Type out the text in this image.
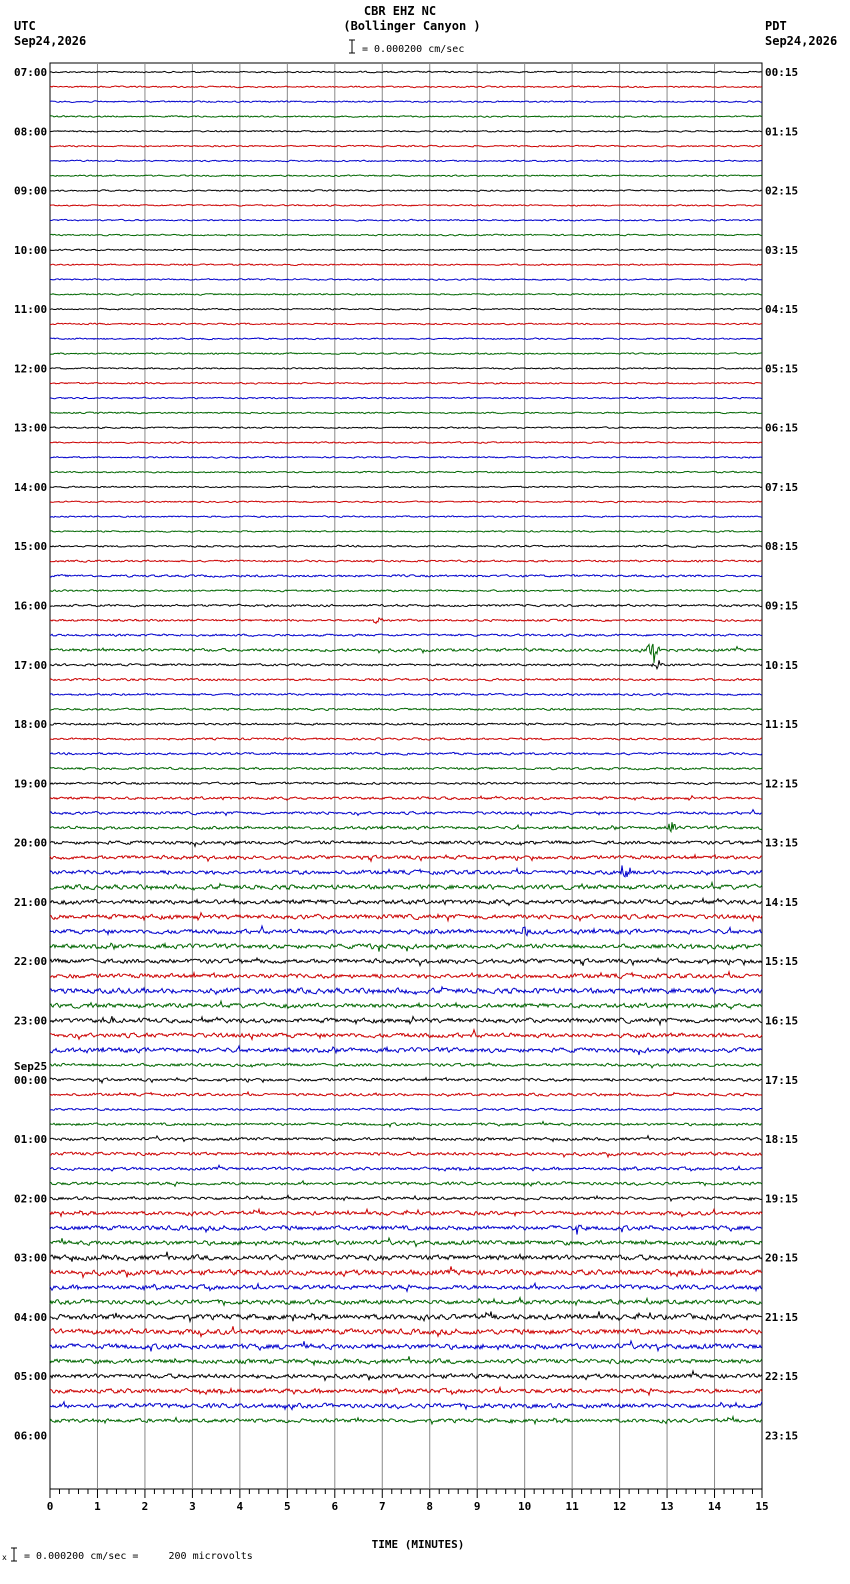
CBR EHZ NC
(Bollinger Canyon )
= 0.000200 cm/sec
UTC
Sep24,2026
PDT
Sep24,2026
07:00
08:00
09:00
10:00
11:00
12:00
13:00
14:00
15:00
16:00
17:00
18:00
19:00
20:00
21:00
22:00
23:00
00:00
Sep25
01:00
02:00
03:00
04:00
05:00
06:00
00:15
01:15
02:15
03:15
04:15
05:15
06:15
07:15
08:15
09:15
10:15
11:15
12:15
13:15
14:15
15:15
16:15
17:15
18:15
19:15
20:15
21:15
22:15
23:15
0	1	2	3	4	5	6	7	8	9	10	11	12	13	14	15
TIME (MINUTES)
x = 0.000200 cm/sec =     200 microvolts
